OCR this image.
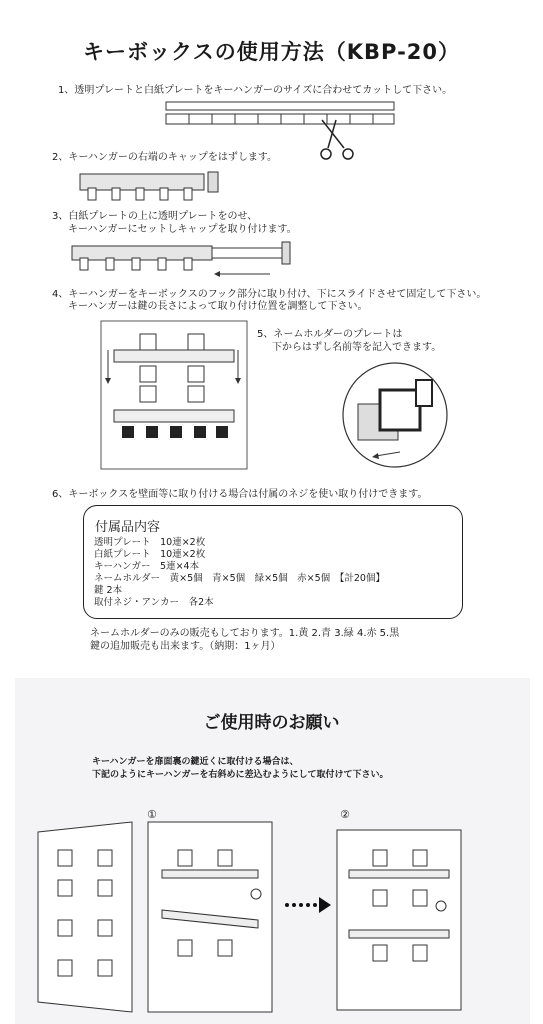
キーボックスの使用方法（KBP-20）
1、透明プレートと白紙プレートをキーハンガーのサイズに合わせてカットして下さい。
2、キーハンガーの右端のキャップをはずします。
3、白紙プレートの上に透明プレートをのせ、
キーハンガーにセットしキャップを取り付けます。
4、キーハンガーをキーボックスのフック部分に取り付け、下にスライドさせて固定して下さい。
キーハンガーは鍵の長さによって取り付け位置を調整して下さい。
5、ネームホルダーのプレートは
下からはずし名前等を記入できます。
6、キーボックスを壁面等に取り付ける場合は付属のネジを使い取り付けできます。
付属品内容
透明プレート　10連×2枚
白紙プレート　10連×2枚
キーハンガー　5連×4本
ネームホルダー　黄×5個　青×5個　緑×5個　赤×5個　【計20個】
鍵 2本
取付ネジ・アンカー　各2本
ネームホルダーのみの販売もしております。1.黄 2.青 3.緑 4.赤 5.黒
鍵の追加販売も出来ます。（納期：1ヶ月）
ご使用時のお願い
キーハンガーを扉面裏の鍵近くに取付ける場合は、
下記のようにキーハンガーを右斜めに差込むようにして取付けて下さい。
①	②
